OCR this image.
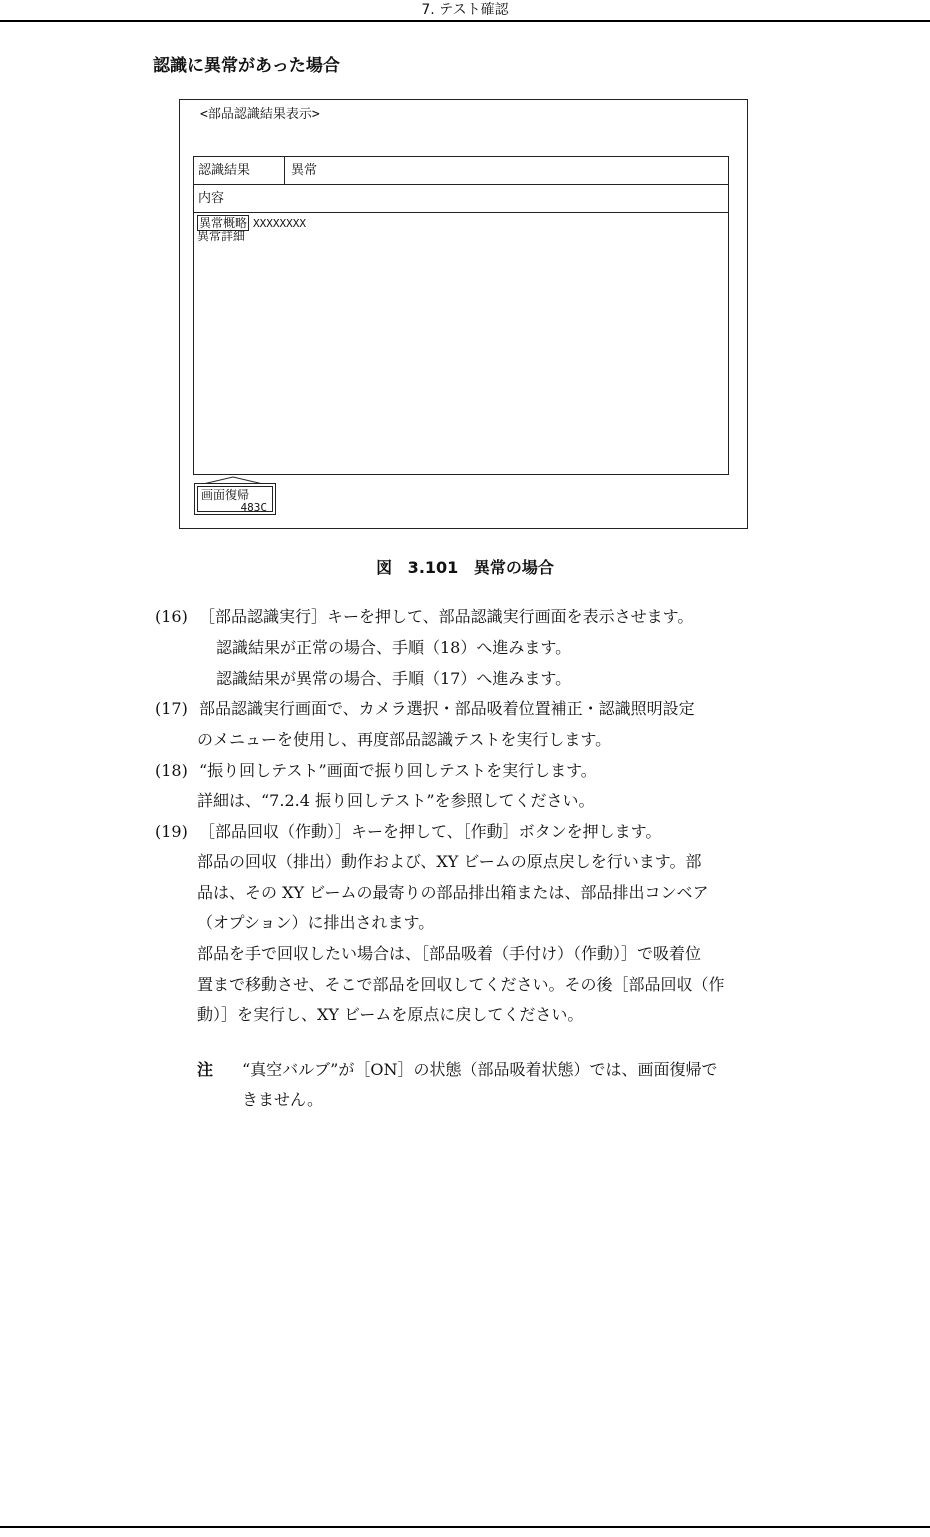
7. テスト確認
認識に異常があった場合
<部品認識結果表示>
認識結果	異常
内容
異常概略 XXXXXXXX
異常詳細
画面復帰
483C
図 3.101 異常の場合
(16) ［部品認識実行］キーを押して、部品認識実行画面を表示させます。
認識結果が正常の場合、手順（18）へ進みます。
認識結果が異常の場合、手順（17）へ進みます。
(17) 部品認識実行画面で、カメラ選択・部品吸着位置補正・認識照明設定
のメニューを使用し、再度部品認識テストを実行します。
(18) “振り回しテスト”画面で振り回しテストを実行します。
詳細は、“7.2.4 振り回しテスト”を参照してください。
(19) ［部品回収（作動）］キーを押して、［作動］ボタンを押します。
部品の回収（排出）動作および、XY ビームの原点戻しを行います。部
品は、その XY ビームの最寄りの部品排出箱または、部品排出コンベア
（オプション）に排出されます。
部品を手で回収したい場合は、［部品吸着（手付け）（作動）］で吸着位
置まで移動させ、そこで部品を回収してください。その後［部品回収（作
動）］を実行し、XY ビームを原点に戻してください。
注 “真空バルブ”が［ON］の状態（部品吸着状態）では、画面復帰で
きません。
